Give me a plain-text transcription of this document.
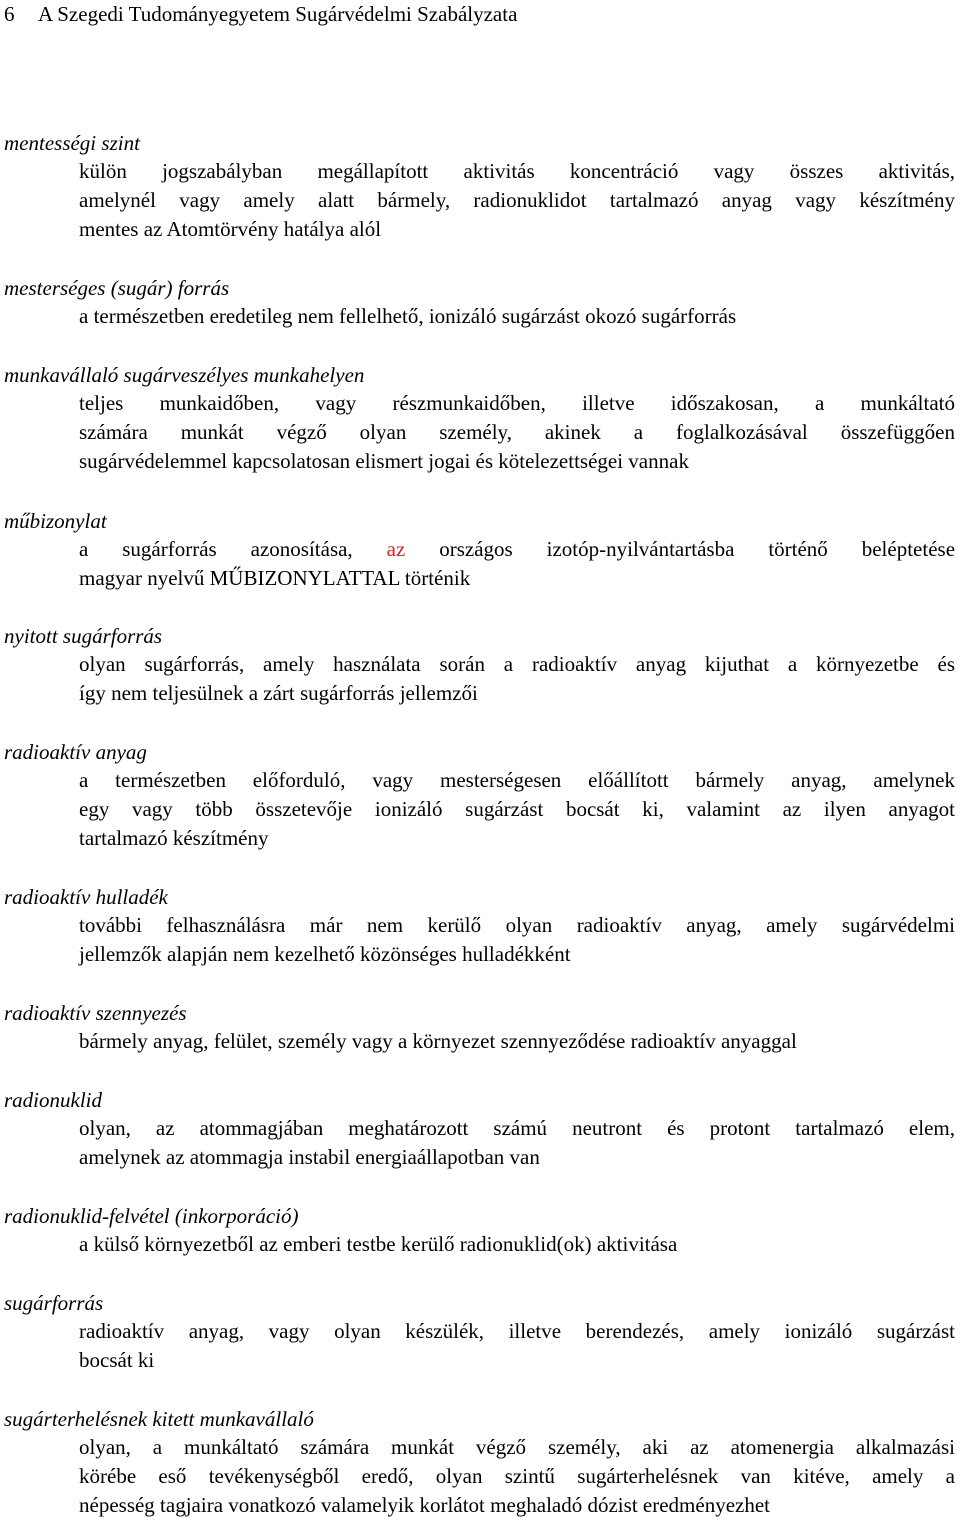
6 A Szegedi Tudományegyetem Sugárvédelmi Szabályzata
mentességi szint
külön jogszabályban megállapított aktivitás koncentráció vagy összes aktivitás,
amelynél vagy amely alatt bármely, radionuklidot tartalmazó anyag vagy készítmény
mentes az Atomtörvény hatálya alól
mesterséges (sugár) forrás
a természetben eredetileg nem fellelhető, ionizáló sugárzást okozó sugárforrás
munkavállaló sugárveszélyes munkahelyen
teljes munkaidőben, vagy részmunkaidőben, illetve időszakosan, a munkáltató
számára munkát végző olyan személy, akinek a foglalkozásával összefüggően
sugárvédelemmel kapcsolatosan elismert jogai és kötelezettségei vannak
műbizonylat
a sugárforrás azonosítása, az országos izotóp-nyilvántartásba történő beléptetése
magyar nyelvű MŰBIZONYLATTAL történik
nyitott sugárforrás
olyan sugárforrás, amely használata során a radioaktív anyag kijuthat a környezetbe és
így nem teljesülnek a zárt sugárforrás jellemzői
radioaktív anyag
a természetben előforduló, vagy mesterségesen előállított bármely anyag, amelynek
egy vagy több összetevője ionizáló sugárzást bocsát ki, valamint az ilyen anyagot
tartalmazó készítmény
radioaktív hulladék
további felhasználásra már nem kerülő olyan radioaktív anyag, amely sugárvédelmi
jellemzők alapján nem kezelhető közönséges hulladékként
radioaktív szennyezés
bármely anyag, felület, személy vagy a környezet szennyeződése radioaktív anyaggal
radionuklid
olyan, az atommagjában meghatározott számú neutront és protont tartalmazó elem,
amelynek az atommagja instabil energiaállapotban van
radionuklid-felvétel (inkorporáció)
a külső környezetből az emberi testbe kerülő radionuklid(ok) aktivitása
sugárforrás
radioaktív anyag, vagy olyan készülék, illetve berendezés, amely ionizáló sugárzást
bocsát ki
sugárterhelésnek kitett munkavállaló
olyan, a munkáltató számára munkát végző személy, aki az atomenergia alkalmazási
körébe eső tevékenységből eredő, olyan szintű sugárterhelésnek van kitéve, amely a
népesség tagjaira vonatkozó valamelyik korlátot meghaladó dózist eredményezhet
